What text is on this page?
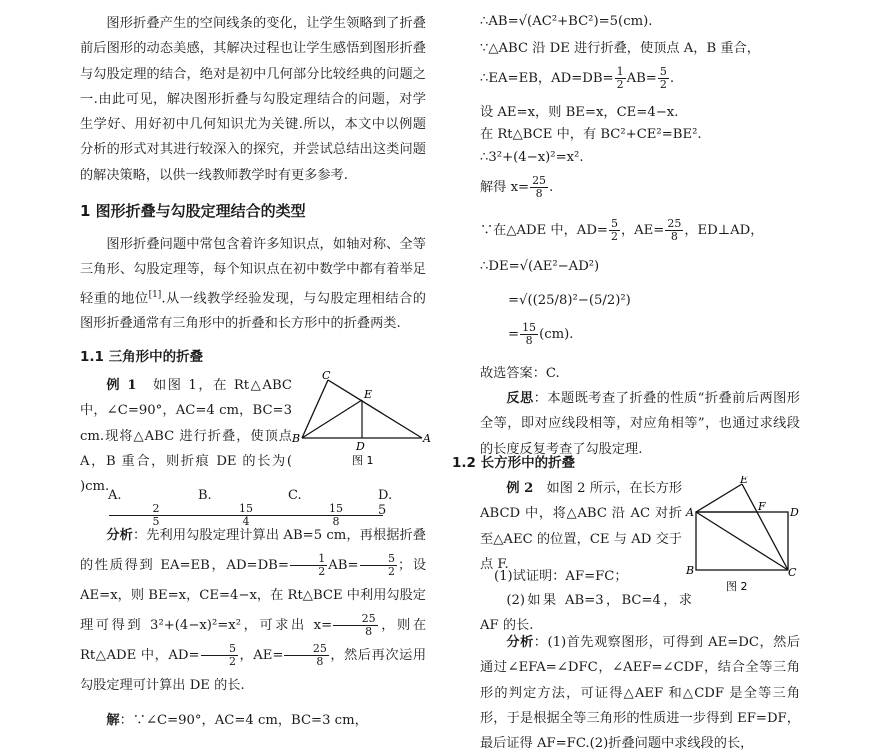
图形折叠产生的空间线条的变化，让学生领略到了折叠前后图形的动态美感，其解决过程也让学生感悟到图形折叠与勾股定理的结合，绝对是初中几何部分比较经典的问题之一.由此可见，解决图形折叠与勾股定理结合的问题，对学生学好、用好初中几何知识尤为关键.所以，本文中以例题分析的形式对其进行较深入的探究，并尝试总结出这类问题的解决策略，以供一线教师教学时有更多参考.

1 图形折叠与勾股定理结合的类型

图形折叠问题中常包含着许多知识点，如轴对称、全等三角形、勾股定理等，每个知识点在初中数学中都有着举足轻重的地位[1].从一线教学经验发现，与勾股定理相结合的图形折叠通常有三角形中的折叠和长方形中的折叠两类.

1.1 三角形中的折叠

例 1　 如图 1，在 Rt△ABC 中，∠C=90°，AC=4 cm，BC=3 cm.现将△ABC 进行折叠，使顶点 A，B 重合，则折痕 DE 的长为( )cm.

C
E
B
D
A
图 1
A.
$\frac{2}{5}$
B.
$\frac{15}{4}$
C.
$\frac{15}{8}$
D.5

分析：先利用勾股定理计算出 AB=5 cm，再根据折叠的性质得到 EA=EB，$AD=DB= \frac{1}{2} AB= \frac{5}{2}$ ；设 AE=x，则 BE=x，CE=4−x，在 Rt△BCE 中利用勾股定理可得到 3²+(4−x)²=x²，可求出 $x= \frac{25}{8}$ ，则在 Rt△ADE 中，$AD= \frac{5}{2}$ ，$AE= \frac{25}{8}$ ，然后再次运用勾股定理可计算出 DE 的长.

解：∵∠C=90°，AC=4 cm，BC=3 cm，

∴AB=√(AC²+BC²)=5(cm).

∵△ABC 沿 DE 进行折叠，使顶点 A，B 重合，

∴EA=EB，$AD=DB= \frac{1}{2} AB= \frac{5}{2}$ .

设 AE=x，则 BE=x，CE=4−x.

在 Rt△BCE 中，有 BC²+CE²=BE².

∴3²+(4−x)²=x².

解得 $x= \frac{25}{8}$ .

∵在△ADE 中，$AD= \frac{5}{2}$ ，$AE= \frac{25}{8}$ ，ED⊥AD，

∴DE=√(AE²−AD²)

=√((25/8)²−(5/2)²)

= $\frac{15}{8} (cm)$.

故选答案：C.

反思：本题既考查了折叠的性质“折叠前后两图形全等，即对应线段相等，对应角相等”，也通过求线段的长度反复考查了勾股定理.

1.2 长方形中的折叠

例 2　 如图 2 所示，在长方形 ABCD 中，将△ABC 沿 AC 对折至△AEC 的位置，CE 与 AD 交于点 F.

E
A	F D
B	C
图 2

(1)试证明：AF=FC；

(2)如果 AB=3，BC=4，求 AF 的长.

分析：(1)首先观察图形，可得到 AE=DC，然后通过∠EFA=∠DFC，∠AEF=∠CDF，结合全等三角形的判定方法，可证得△AEF 和△CDF 是全等三角形，于是根据全等三角形的性质进一步得到 EF=DF，最后证得 AF=FC.(2)折叠问题中求线段的长，
